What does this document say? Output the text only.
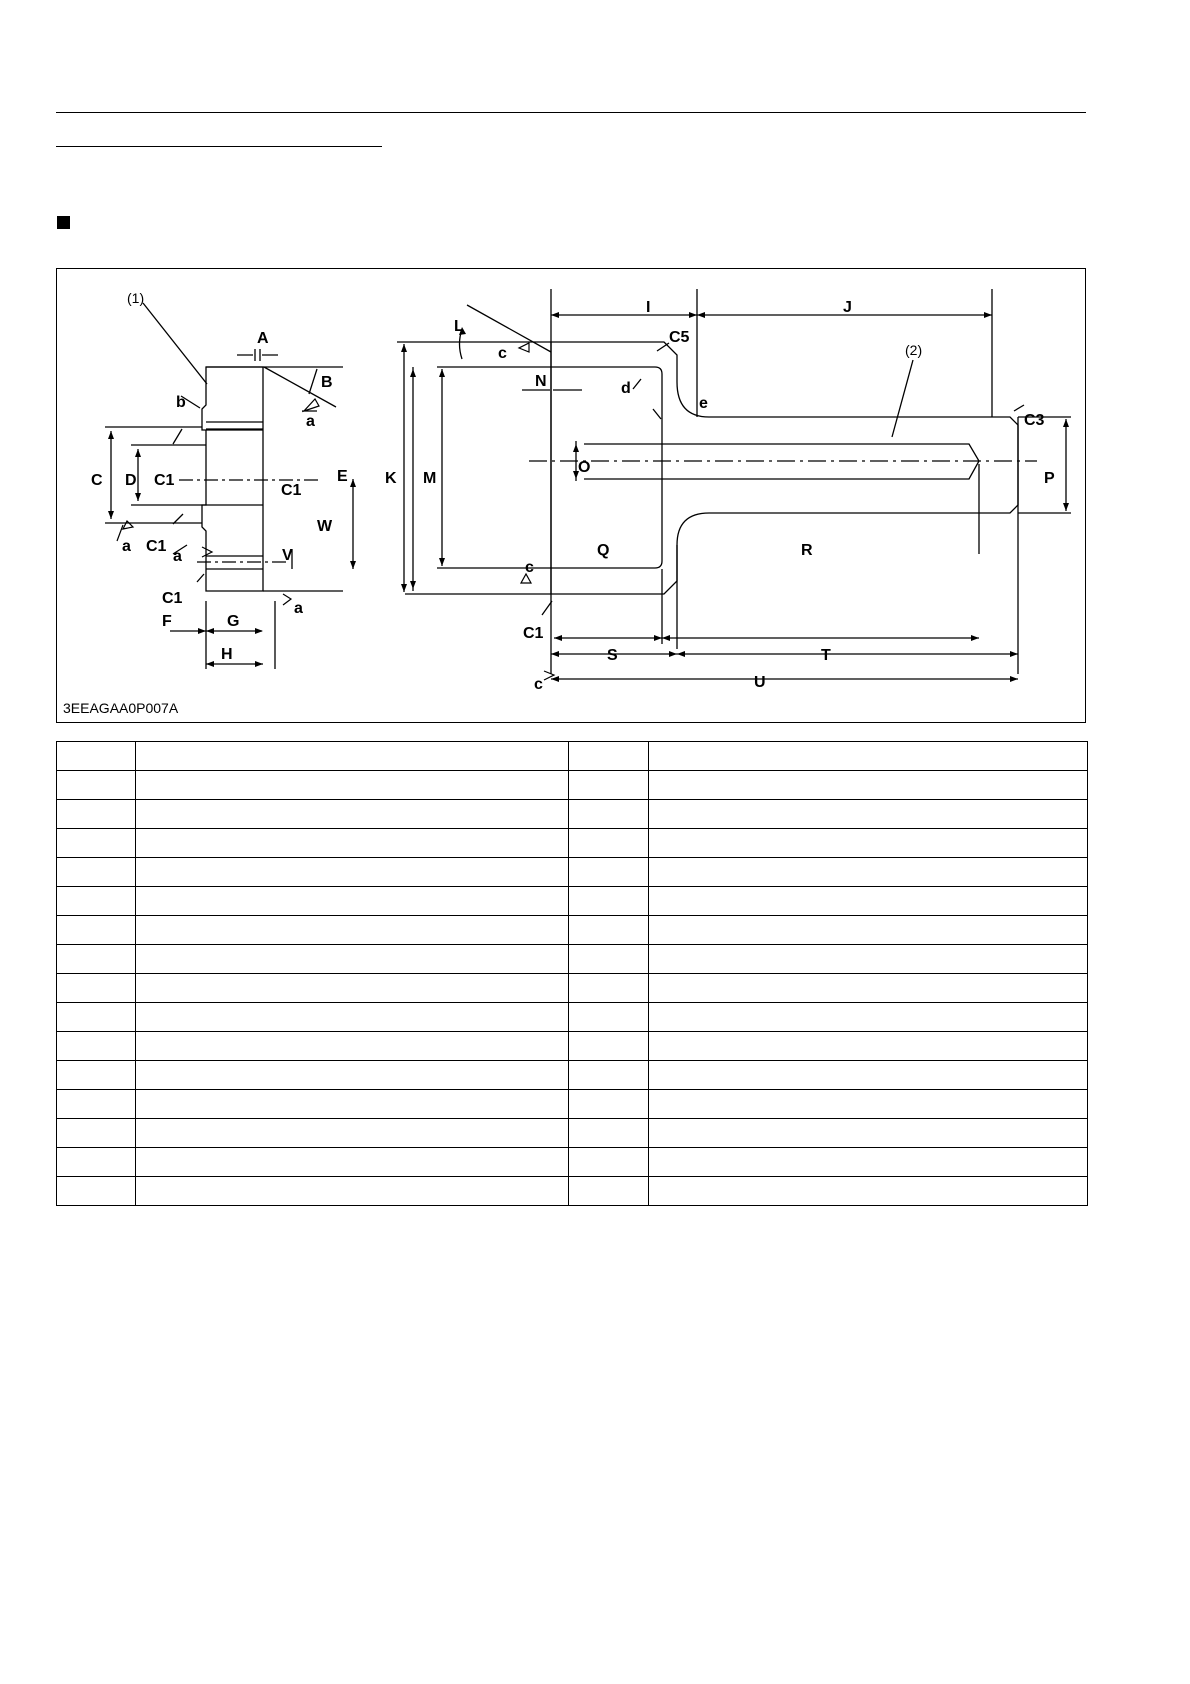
(1)
(2)
A
B
C D	E
F	G
H
V
W
C1
C1
C1
C1
b
a
a
a
a
I	J
K
L
M
N
O
P
Q	R
S	T
U
C5
C3
C1
c
c
c
d
e
3EEAGAA0P007A
